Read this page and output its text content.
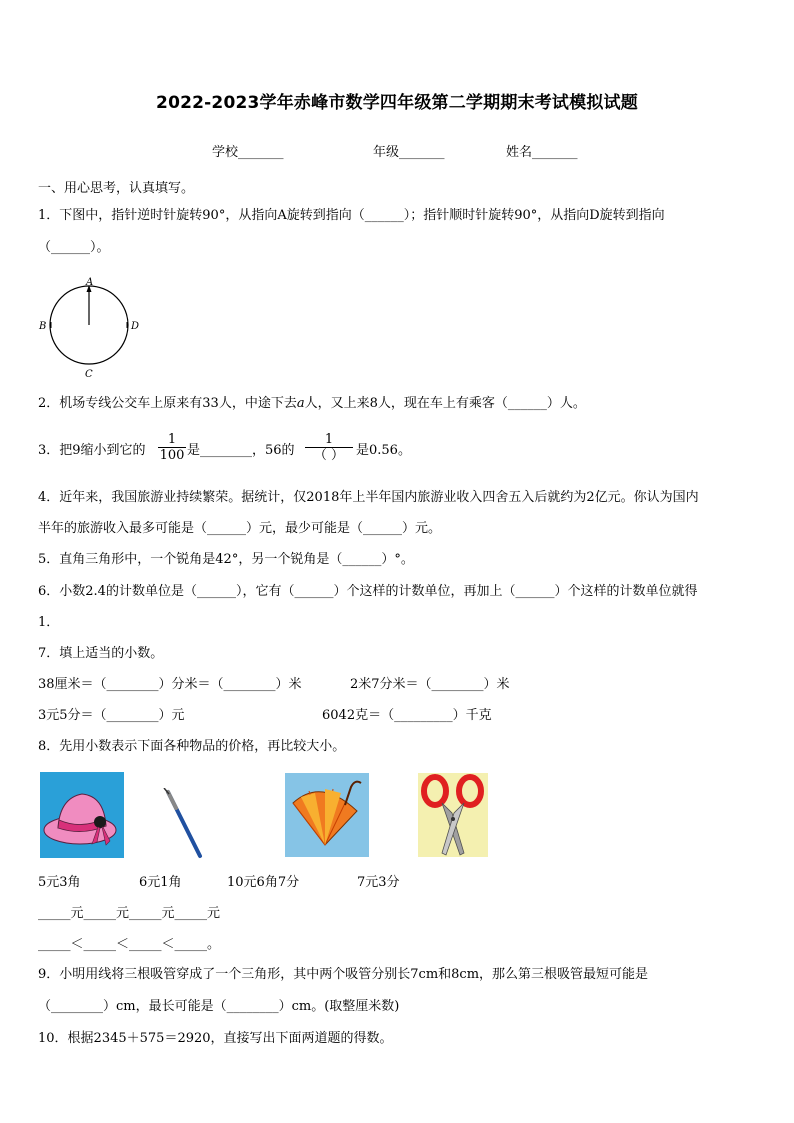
2022-2023学年赤峰市数学四年级第二学期期末考试模拟试题
学校_______	年级_______	姓名_______
一、用心思考，认真填写。
1．下图中，指针逆时针旋转90°，从指向A旋转到指向（______）；指针顺时针旋转90°，从指向D旋转到指向
（______）。
A
B
C
D
2．机场专线公交车上原来有33人，中途下去a人，又上来8人，现在车上有乘客（______）人。
3．把9缩小到它的
1
100 是________，56的
1
（ ） 是0.56。
4．近年来，我国旅游业持续繁荣。据统计，仅2018年上半年国内旅游业收入四舍五入后就约为2亿元。你认为国内
半年的旅游收入最多可能是（______）元，最少可能是（______）元。
5．直角三角形中，一个锐角是42°，另一个锐角是（______）°。
6．小数2.4的计数单位是（______），它有（______）个这样的计数单位，再加上（______）个这样的计数单位就得
1．
7．填上适当的小数。
38厘米＝（________）分米＝（________）米	2米7分米＝（________）米
3元5分＝（________）元	6042克＝（_________）千克
8．先用小数表示下面各种物品的价格，再比较大小。
5元3角	6元1角	10元6角7分	7元3分
_____元_____元_____元_____元
_____＜_____＜_____＜_____。
9．小明用线将三根吸管穿成了一个三角形，其中两个吸管分别长7cm和8cm，那么第三根吸管最短可能是
（________）cm，最长可能是（________）cm。(取整厘米数)
10．根据2345＋575＝2920，直接写出下面两道题的得数。
